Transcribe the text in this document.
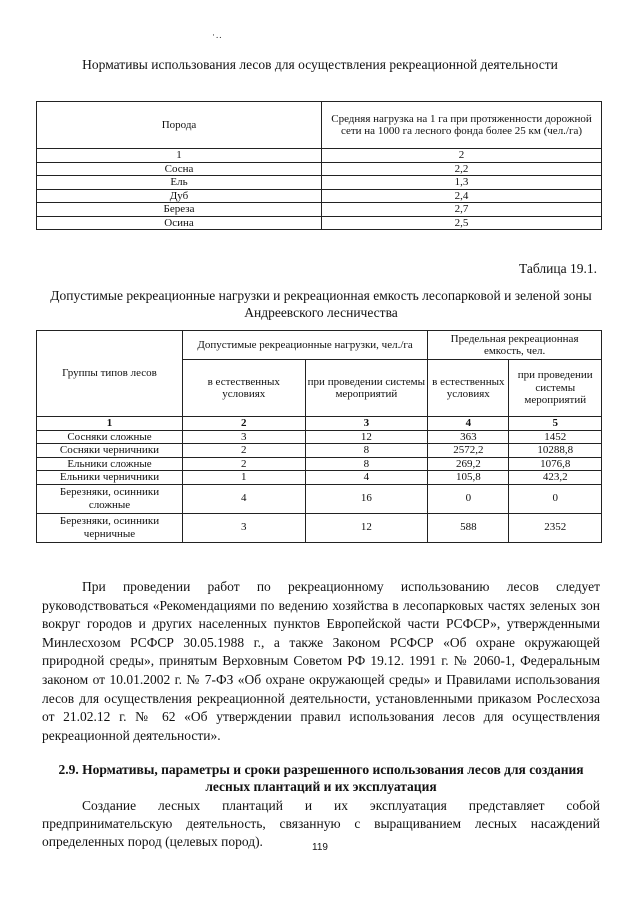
·..
Нормативы использования лесов для осуществления рекреационной деятельности
Порода	Средняя нагрузка на 1 га при протяженности дорожной сети на 1000 га лесного фонда более 25 км (чел./га)
1	2
Сосна	2,2
Ель	1,3
Дуб	2,4
Береза	2,7
Осина	2,5
Таблица 19.1.
Допустимые рекреационные нагрузки и рекреационная емкость лесопарковой и зеленой зоны Андреевского лесничества
Группы типов лесов	Допустимые рекреационные нагрузки, чел./га		Предельная рекреационная емкость, чел.	
	в естественных условиях	при проведении системы мероприятий	в естественных условиях	при проведении системы мероприятий
1	2	3	4	5
Сосняки сложные	3	12	363	1452
Сосняки черничники	2	8	2572,2	10288,8
Ельники сложные	2	8	269,2	1076,8
Ельники черничники	1	4	105,8	423,2
Березняки, осинники сложные	4	16	0	0
Березняки, осинники черничные	3	12	588	2352
При проведении работ по рекреационному использованию лесов следует руководствоваться «Рекомендациями по ведению хозяйства в лесопарковых частях зеленых зон вокруг городов и других населенных пунктов Европейской части РСФСР», утвержденными Минлесхозом РСФСР 30.05.1988 г., а также Законом РСФСР «Об охране окружающей природной среды», принятым Верховным Советом РФ 19.12. 1991 г. № 2060-1, Федеральным законом от 10.01.2002 г. № 7-ФЗ «Об охране окружающей среды» и Правилами использования лесов для осуществления рекреационной деятельности, установленными приказом Рослесхоза от 21.02.12 г. № 62 «Об утверждении правил использования лесов для осуществления рекреационной деятельности».
2.9. Нормативы, параметры и сроки разрешенного использования лесов для создания лесных плантаций и их эксплуатация
Создание лесных плантаций и их эксплуатация представляет собой предпринимательскую деятельность, связанную с выращиванием лесных насаждений определенных пород (целевых пород).	119
